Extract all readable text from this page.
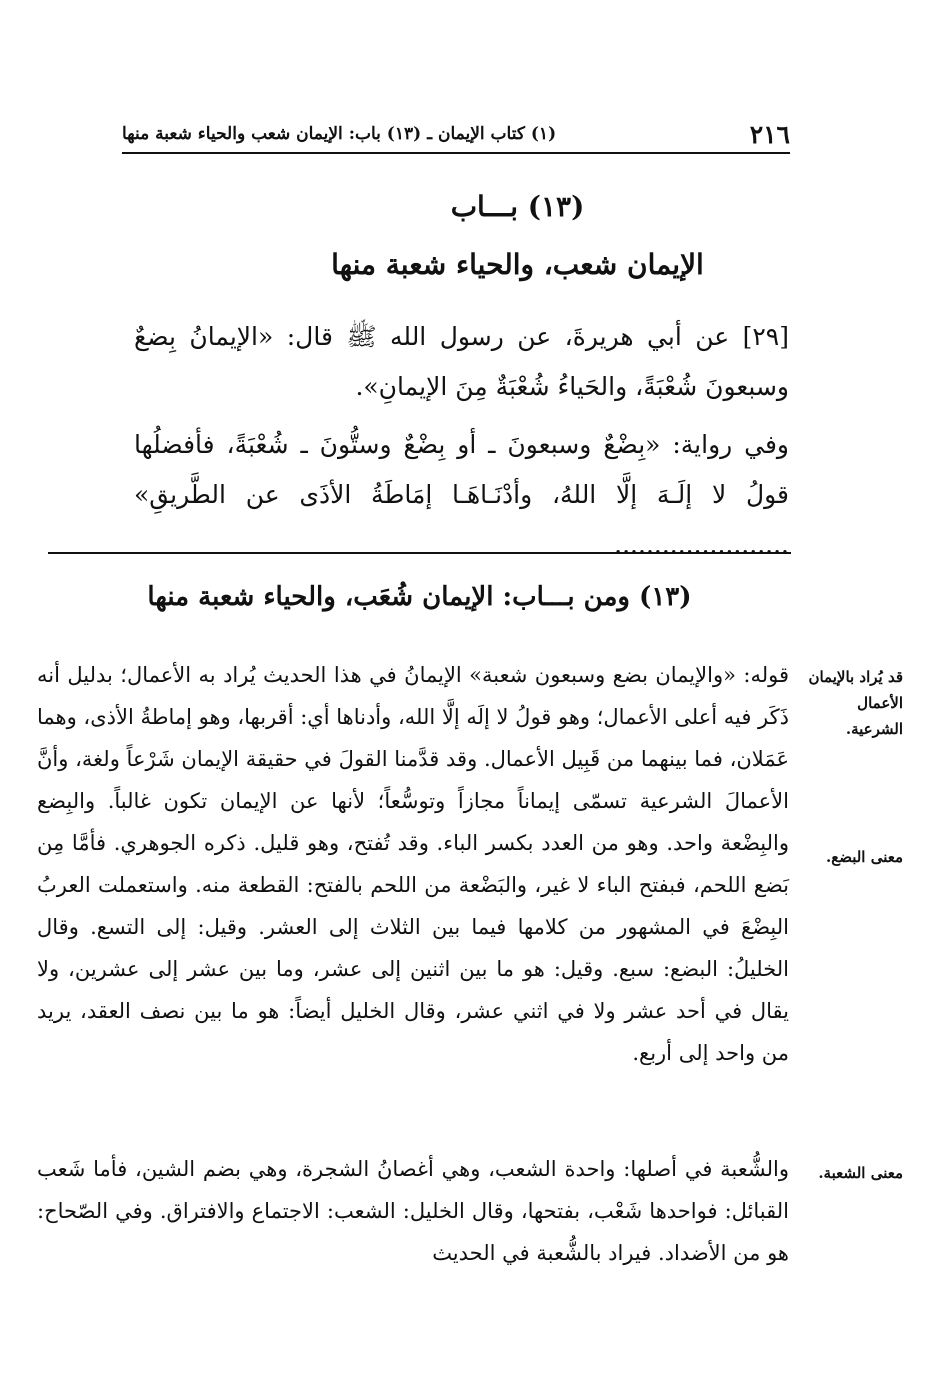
٢١٦
(١) كتاب الإيمان ـ (١٣) باب: الإيمان شعب والحياء شعبة منها
(١٣) بـــاب
الإيمان شعب، والحياء شعبة منها

[٢٩] عن أبي هريرةَ، عن رسول الله ﷺ قال: «الإيمانُ بِضعٌ وسبعونَ شُعْبَةً، والحَياءُ شُعْبَةٌ مِنَ الإيمانِ».

وفي رواية: «بِضْعٌ وسبعونَ ـ أو بِضْعٌ وستُّونَ ـ شُعْبَةً، فأفضلُها قولُ لا إلَـهَ إلَّا اللهُ، وأدْنَـاهَـا إمَاطَةُ الأذَى عن الطَّريقِ» ......................

(١٣) ومن بـــاب: الإيمان شُعَب، والحياء شعبة منها

قوله: «والإيمان بضع وسبعون شعبة» الإيمانُ في هذا الحديث يُراد به الأعمال؛ بدليل أنه ذَكَر فيه أعلى الأعمال؛ وهو قولُ لا إلَه إلَّا الله، وأدناها أي: أقربها، وهو إماطةُ الأذى، وهما عَمَلان، فما بينهما من قَبِيل الأعمال. وقد قدَّمنا القولَ في حقيقة الإيمان شَرْعاً ولغة، وأنَّ الأعمالَ الشرعية تسمّى إيماناً مجازاً وتوسُّعاً؛ لأنها عن الإيمان تكون غالباً. والبِضع والبِضْعة واحد. وهو من العدد بكسر الباء. وقد تُفتح، وهو قليل. ذكره الجوهري. فأمَّا مِن بَضع اللحم، فبفتح الباء لا غير، والبَضْعة من اللحم بالفتح: القطعة منه. واستعملت العربُ البِضْعَ في المشهور من كلامها فيما بين الثلاث إلى العشر. وقيل: إلى التسع. وقال الخليلُ: البضع: سبع. وقيل: هو ما بين اثنين إلى عشر، وما بين عشر إلى عشرين، ولا يقال في أحد عشر ولا في اثني عشر، وقال الخليل أيضاً: هو ما بين نصف العقد، يريد من واحد إلى أربع.

والشُّعبة في أصلها: واحدة الشعب، وهي أغصانُ الشجرة، وهي بضم الشين، فأما شَعب القبائل: فواحدها شَعْب، بفتحها، وقال الخليل: الشعب: الاجتماع والافتراق. وفي الصّحاح: هو من الأضداد. فيراد بالشُّعبة في الحديث

قد يُراد بالإيمان الأعمال الشرعية.
معنى البضع.
معنى الشعبة.
